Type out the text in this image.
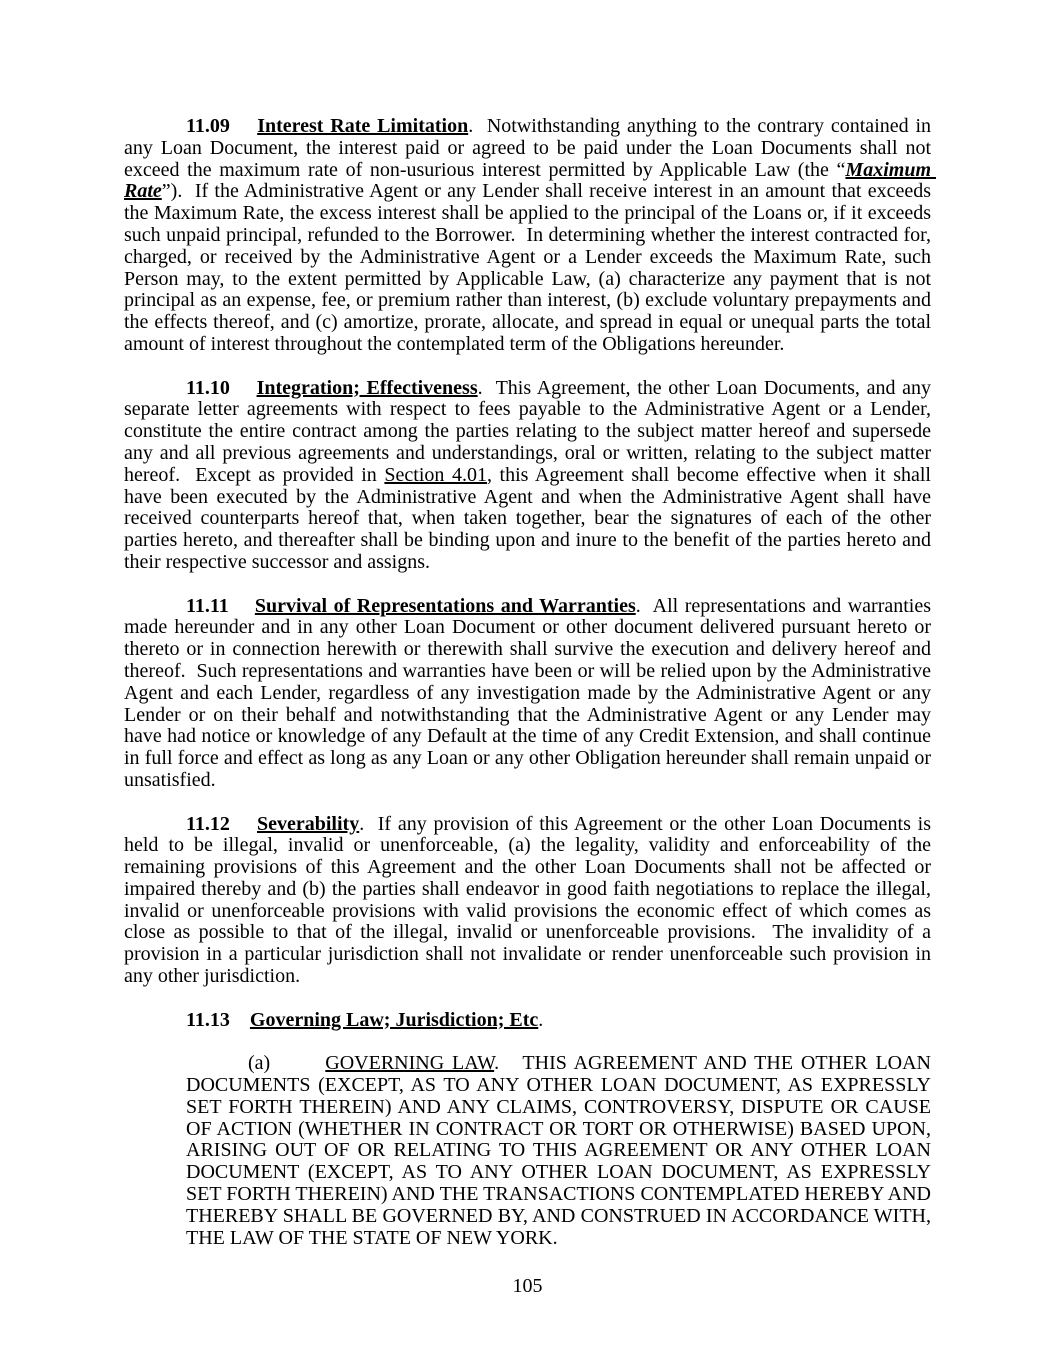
11.09 Interest Rate Limitation.  Notwithstanding anything to the contrary contained in any Loan Document, the interest paid or agreed to be paid under the Loan Documents shall not exceed the maximum rate of non-usurious interest permitted by Applicable Law (the “Maximum Rate”).  If the Administrative Agent or any Lender shall receive interest in an amount that exceeds the Maximum Rate, the excess interest shall be applied to the principal of the Loans or, if it exceeds such unpaid principal, refunded to the Borrower.  In determining whether the interest contracted for, charged, or received by the Administrative Agent or a Lender exceeds the Maximum Rate, such Person may, to the extent permitted by Applicable Law, (a) characterize any payment that is not principal as an expense, fee, or premium rather than interest, (b) exclude voluntary prepayments and the effects thereof, and (c) amortize, prorate, allocate, and spread in equal or unequal parts the total amount of interest throughout the contemplated term of the Obligations hereunder.

11.10 Integration; Effectiveness.  This Agreement, the other Loan Documents, and any separate letter agreements with respect to fees payable to the Administrative Agent or a Lender, constitute the entire contract among the parties relating to the subject matter hereof and supersede any and all previous agreements and understandings, oral or written, relating to the subject matter hereof.  Except as provided in Section 4.01, this Agreement shall become effective when it shall have been executed by the Administrative Agent and when the Administrative Agent shall have received counterparts hereof that, when taken together, bear the signatures of each of the other parties hereto, and thereafter shall be binding upon and inure to the benefit of the parties hereto and their respective successor and assigns.

11.11 Survival of Representations and Warranties.  All representations and warranties made hereunder and in any other Loan Document or other document delivered pursuant hereto or thereto or in connection herewith or therewith shall survive the execution and delivery hereof and thereof.  Such representations and warranties have been or will be relied upon by the Administrative Agent and each Lender, regardless of any investigation made by the Administrative Agent or any Lender or on their behalf and notwithstanding that the Administrative Agent or any Lender may have had notice or knowledge of any Default at the time of any Credit Extension, and shall continue in full force and effect as long as any Loan or any other Obligation hereunder shall remain unpaid or unsatisfied.

11.12 Severability.  If any provision of this Agreement or the other Loan Documents is held to be illegal, invalid or unenforceable, (a) the legality, validity and enforceability of the remaining provisions of this Agreement and the other Loan Documents shall not be affected or impaired thereby and (b) the parties shall endeavor in good faith negotiations to replace the illegal, invalid or unenforceable provisions with valid provisions the economic effect of which comes as close as possible to that of the illegal, invalid or unenforceable provisions.  The invalidity of a provision in a particular jurisdiction shall not invalidate or render unenforceable such provision in any other jurisdiction.

11.13 Governing Law; Jurisdiction; Etc.

(a)	GOVERNING LAW.   THIS AGREEMENT AND THE OTHER LOAN DOCUMENTS (EXCEPT, AS TO ANY OTHER LOAN DOCUMENT, AS EXPRESSLY SET FORTH THEREIN) AND ANY CLAIMS, CONTROVERSY, DISPUTE OR CAUSE OF ACTION (WHETHER IN CONTRACT OR TORT OR OTHERWISE) BASED UPON, ARISING OUT OF OR RELATING TO THIS AGREEMENT OR ANY OTHER LOAN DOCUMENT (EXCEPT, AS TO ANY OTHER LOAN DOCUMENT, AS EXPRESSLY SET FORTH THEREIN) AND THE TRANSACTIONS CONTEMPLATED HEREBY AND THEREBY SHALL BE GOVERNED BY, AND CONSTRUED IN ACCORDANCE WITH, THE LAW OF THE STATE OF NEW YORK.

105
